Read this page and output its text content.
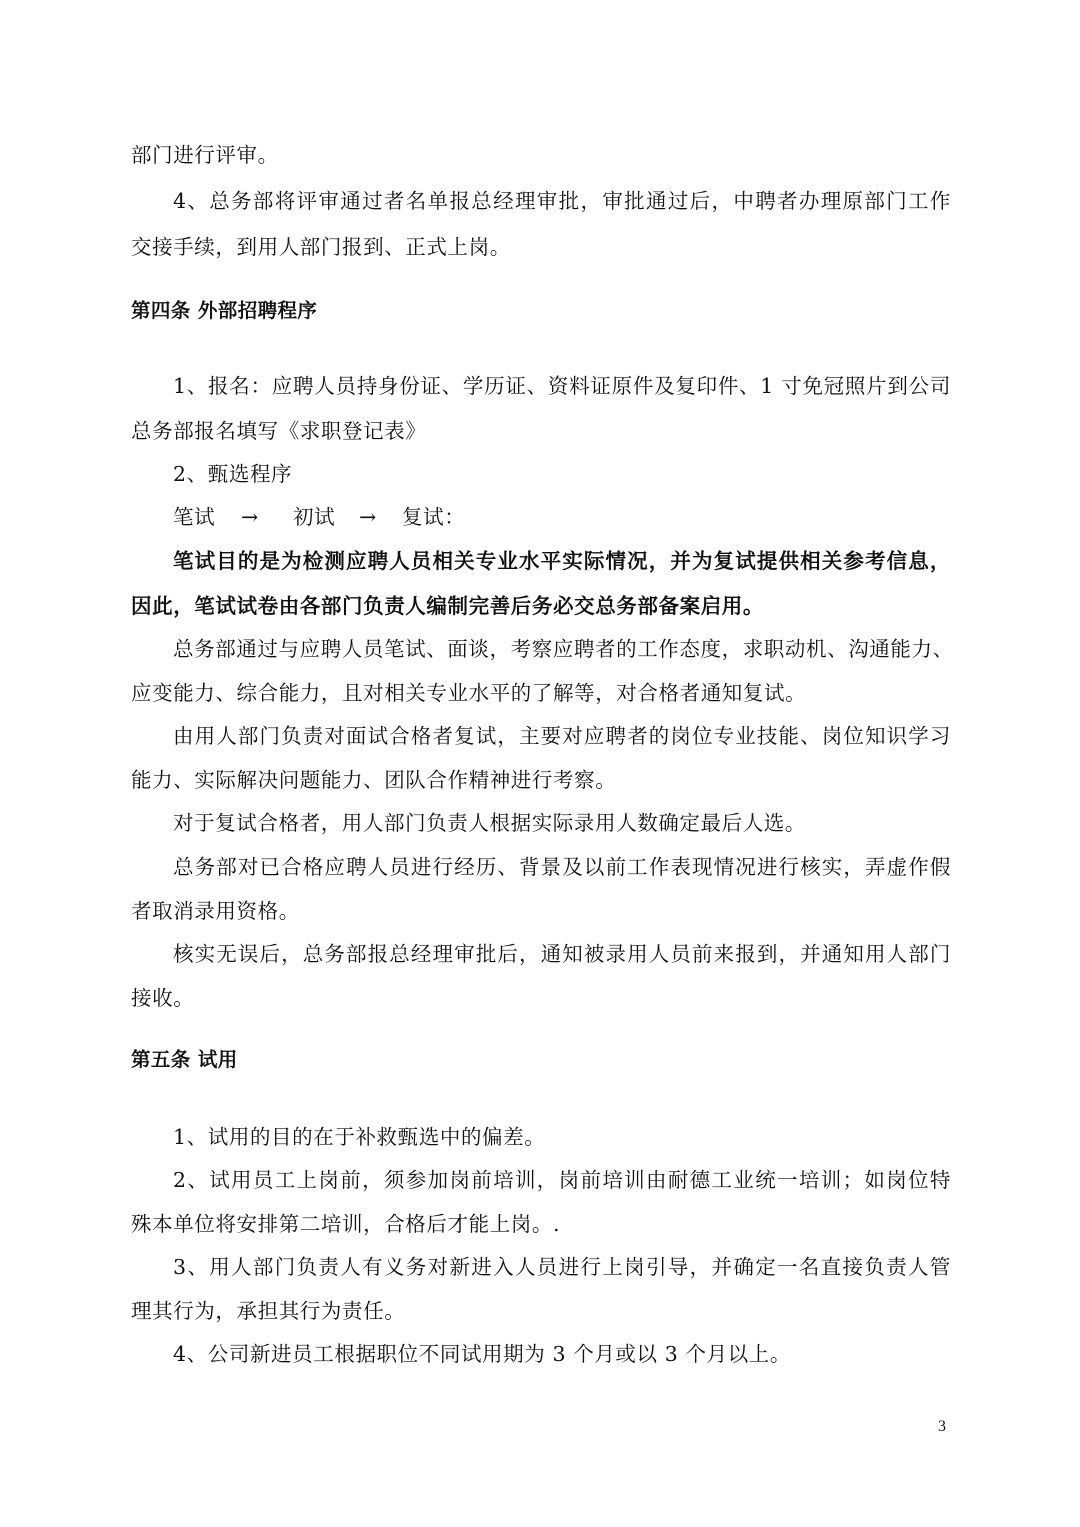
部门进行评审。
4、总务部将评审通过者名单报总经理审批，审批通过后，中聘者办理原部门工作
交接手续，到用人部门报到、正式上岗。
第四条 外部招聘程序
1、报名：应聘人员持身份证、学历证、资料证原件及复印件、1 寸免冠照片到公司
总务部报名填写《求职登记表》
2、甄选程序
笔试 → 初试 → 复试：
笔试目的是为检测应聘人员相关专业水平实际情况，并为复试提供相关参考信息，
因此，笔试试卷由各部门负责人编制完善后务必交总务部备案启用。
总务部通过与应聘人员笔试、面谈，考察应聘者的工作态度，求职动机、沟通能力、
应变能力、综合能力，且对相关专业水平的了解等，对合格者通知复试。
由用人部门负责对面试合格者复试，主要对应聘者的岗位专业技能、岗位知识学习
能力、实际解决问题能力、团队合作精神进行考察。
对于复试合格者，用人部门负责人根据实际录用人数确定最后人选。
总务部对已合格应聘人员进行经历、背景及以前工作表现情况进行核实，弄虚作假
者取消录用资格。
核实无误后，总务部报总经理审批后，通知被录用人员前来报到，并通知用人部门
接收。
第五条 试用
1、试用的目的在于补救甄选中的偏差。
2、试用员工上岗前，须参加岗前培训，岗前培训由耐德工业统一培训；如岗位特
殊本单位将安排第二培训，合格后才能上岗。.
3、用人部门负责人有义务对新进入人员进行上岗引导，并确定一名直接负责人管
理其行为，承担其行为责任。
4、公司新进员工根据职位不同试用期为 3 个月或以 3 个月以上。
3
